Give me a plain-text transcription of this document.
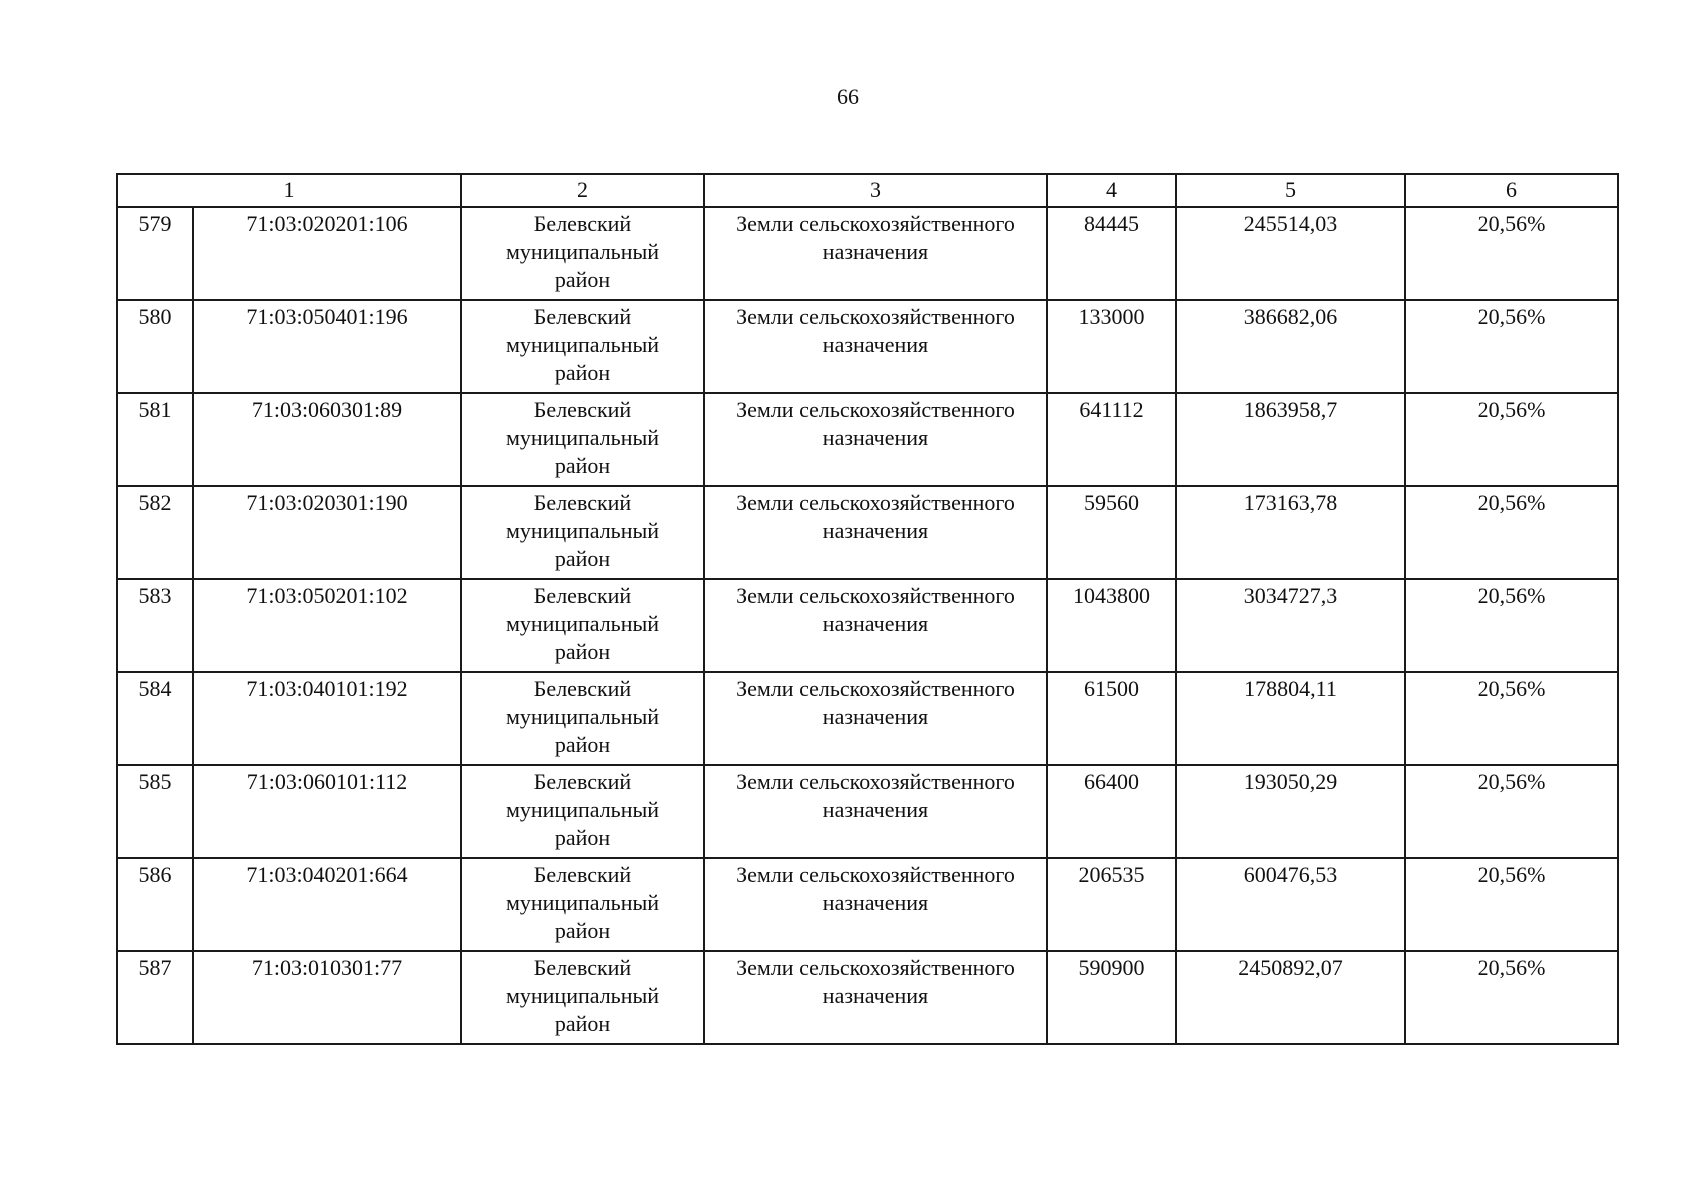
66
1		2	3	4	5	6
579	71:03:020201:106	Белевский
муниципальный
район	Земли сельскохозяйственного
назначения	84445	245514,03	20,56%
580	71:03:050401:196	Белевский
муниципальный
район	Земли сельскохозяйственного
назначения	133000	386682,06	20,56%
581	71:03:060301:89	Белевский
муниципальный
район	Земли сельскохозяйственного
назначения	641112	1863958,7	20,56%
582	71:03:020301:190	Белевский
муниципальный
район	Земли сельскохозяйственного
назначения	59560	173163,78	20,56%
583	71:03:050201:102	Белевский
муниципальный
район	Земли сельскохозяйственного
назначения	1043800	3034727,3	20,56%
584	71:03:040101:192	Белевский
муниципальный
район	Земли сельскохозяйственного
назначения	61500	178804,11	20,56%
585	71:03:060101:112	Белевский
муниципальный
район	Земли сельскохозяйственного
назначения	66400	193050,29	20,56%
586	71:03:040201:664	Белевский
муниципальный
район	Земли сельскохозяйственного
назначения	206535	600476,53	20,56%
587	71:03:010301:77	Белевский
муниципальный
район	Земли сельскохозяйственного
назначения	590900	2450892,07	20,56%
